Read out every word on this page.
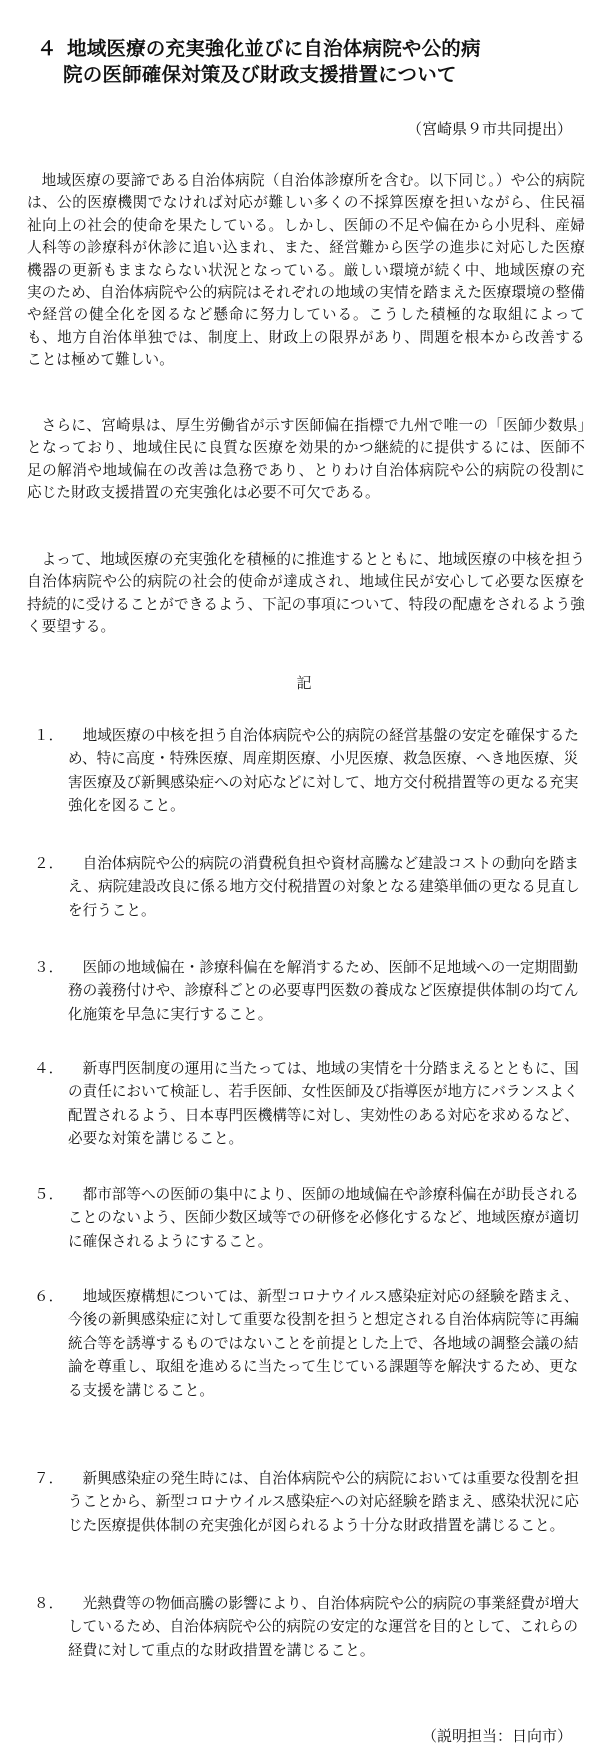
４ 地域医療の充実強化並びに自治体病院や公的病
院の医師確保対策及び財政支援措置について
（宮崎県９市共同提出）

地域医療の要諦である自治体病院（自治体診療所を含む。以下同じ。）や公的病院は、公的医療機関でなければ対応が難しい多くの不採算医療を担いながら、住民福祉向上の社会的使命を果たしている。しかし、医師の不足や偏在から小児科、産婦人科等の診療科が休診に追い込まれ、また、経営難から医学の進歩に対応した医療機器の更新もままならない状況となっている。厳しい環境が続く中、地域医療の充実のため、自治体病院や公的病院はそれぞれの地域の実情を踏まえた医療環境の整備や経営の健全化を図るなど懸命に努力している。こうした積極的な取組によっても、地方自治体単独では、制度上、財政上の限界があり、問題を根本から改善することは極めて難しい。

さらに、宮崎県は、厚生労働省が示す医師偏在指標で九州で唯一の「医師少数県」となっており、地域住民に良質な医療を効果的かつ継続的に提供するには、医師不足の解消や地域偏在の改善は急務であり、とりわけ自治体病院や公的病院の役割に応じた財政支援措置の充実強化は必要不可欠である。

よって、地域医療の充実強化を積極的に推進するとともに、地域医療の中核を担う自治体病院や公的病院の社会的使命が達成され、地域住民が安心して必要な医療を持続的に受けることができるよう、下記の事項について、特段の配慮をされるよう強く要望する。

記
１．	地域医療の中核を担う自治体病院や公的病院の経営基盤の安定を確保するため、特に高度・特殊医療、周産期医療、小児医療、救急医療、へき地医療、災害医療及び新興感染症への対応などに対して、地方交付税措置等の更なる充実強化を図ること。
２．	自治体病院や公的病院の消費税負担や資材高騰など建設コストの動向を踏まえ、病院建設改良に係る地方交付税措置の対象となる建築単価の更なる見直しを行うこと。
３．	医師の地域偏在・診療科偏在を解消するため、医師不足地域への一定期間勤務の義務付けや、診療科ごとの必要専門医数の養成など医療提供体制の均てん化施策を早急に実行すること。
４．	新専門医制度の運用に当たっては、地域の実情を十分踏まえるとともに、国の責任において検証し、若手医師、女性医師及び指導医が地方にバランスよく配置されるよう、日本専門医機構等に対し、実効性のある対応を求めるなど、必要な対策を講じること。
５．	都市部等への医師の集中により、医師の地域偏在や診療科偏在が助長されることのないよう、医師少数区域等での研修を必修化するなど、地域医療が適切に確保されるようにすること。
６．	地域医療構想については、新型コロナウイルス感染症対応の経験を踏まえ、今後の新興感染症に対して重要な役割を担うと想定される自治体病院等に再編統合等を誘導するものではないことを前提とした上で、各地域の調整会議の結論を尊重し、取組を進めるに当たって生じている課題等を解決するため、更なる支援を講じること。
７．	新興感染症の発生時には、自治体病院や公的病院においては重要な役割を担うことから、新型コロナウイルス感染症への対応経験を踏まえ、感染状況に応じた医療提供体制の充実強化が図られるよう十分な財政措置を講じること。
８．	光熱費等の物価高騰の影響により、自治体病院や公的病院の事業経費が増大しているため、自治体病院や公的病院の安定的な運営を目的として、これらの経費に対して重点的な財政措置を講じること。
（説明担当：日向市）
